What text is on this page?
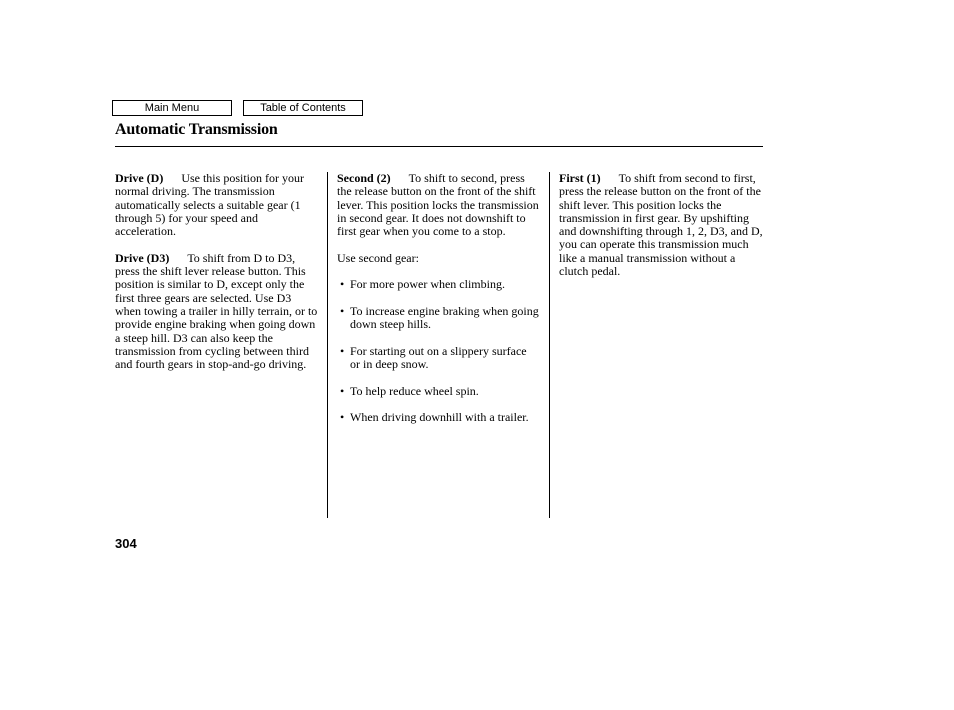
Main Menu	Table of Contents
Automatic Transmission

Drive (D) Use this position for your normal driving. The transmission automatically selects a suitable gear (1 through 5) for your speed and acceleration.

Drive (D3) To shift from D to D3, press the shift lever release button. This position is similar to D, except only the first three gears are selected. Use D3 when towing a trailer in hilly terrain, or to provide engine braking when going down a steep hill. D3 can also keep the transmission from cycling between third and fourth gears in stop-and-go driving.

Second (2) To shift to second, press the release button on the front of the shift lever. This position locks the transmission in second gear. It does not downshift to first gear when you come to a stop.

Use second gear:

• For more power when climbing.
• To increase engine braking when going down steep hills.
• For starting out on a slippery surface or in deep snow.
• To help reduce wheel spin.
• When driving downhill with a trailer.

First (1) To shift from second to first, press the release button on the front of the shift lever. This position locks the transmission in first gear. By upshifting and downshifting through 1, 2, D3, and D, you can operate this transmission much like a manual transmission without a clutch pedal.

304
